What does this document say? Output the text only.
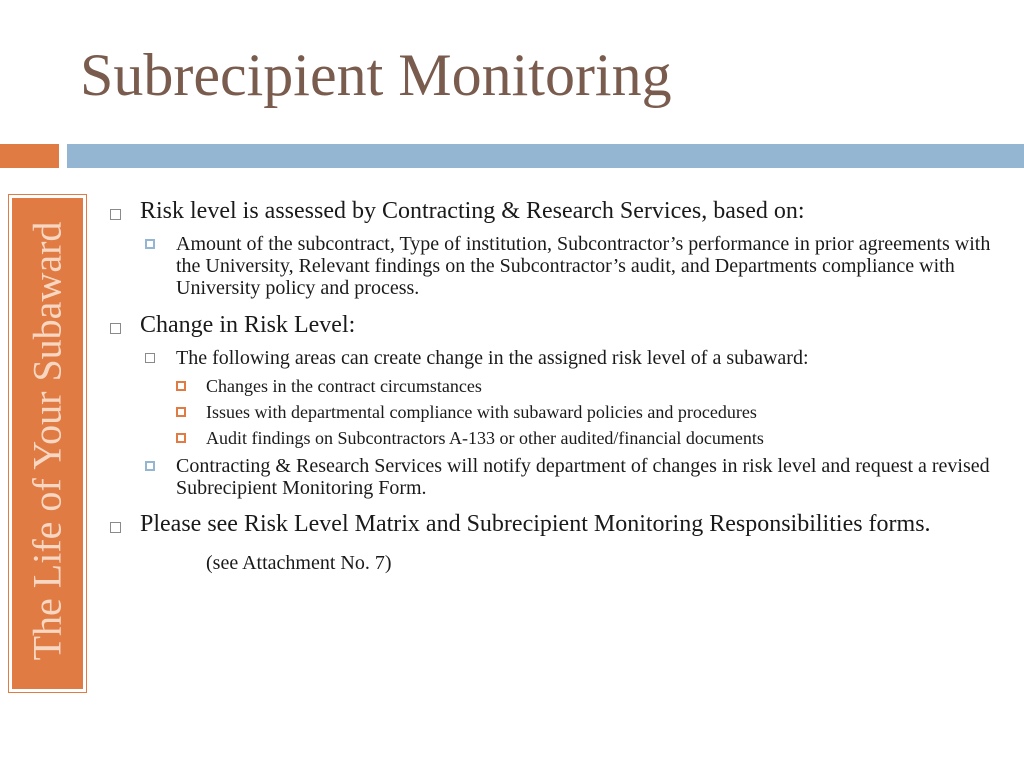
Subrecipient Monitoring
The Life of Your Subaward
Risk level is assessed by Contracting & Research Services, based on:
Amount of the subcontract, Type of institution, Subcontractor’s performance in prior agreements with the University, Relevant findings on the Subcontractor’s audit, and Departments compliance with University policy and process.
Change in Risk Level:
The following areas can create change in the assigned risk level of a subaward:
Changes in the contract circumstances
Issues with departmental compliance with subaward policies and procedures
Audit findings on Subcontractors A-133 or other audited/financial documents
Contracting & Research Services will notify department of changes in risk level and request a revised Subrecipient Monitoring Form.
Please see Risk Level Matrix and Subrecipient Monitoring Responsibilities forms.
(see Attachment No. 7)
